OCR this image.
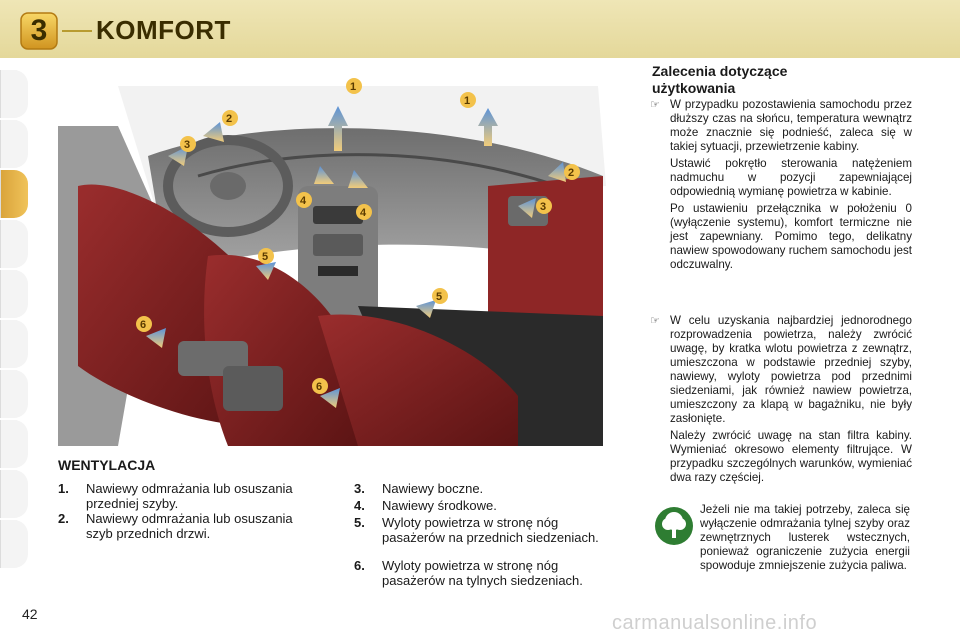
3	KOMFORT
1
1
2
2
3
3
4
4
5
5
6
6
WENTYLACJA
1.	Nawiewy odmrażania lub osuszania przedniej szyby.
2.	Nawiewy odmrażania lub osuszania szyb przednich drzwi.
3.	Nawiewy boczne.
4.	Nawiewy środkowe.
5.	Wyloty powietrza w stronę nóg pasażerów na przednich siedzeniach.
6.	Wyloty powietrza w stronę nóg pasażerów na tylnych siedzeniach.
42
Zalecenia dotyczące użytkowania
☞ W przypadku pozostawienia samochodu przez dłuższy czas na słońcu, temperatura wewnątrz może znacznie się podnieść, zaleca się w takiej sytuacji, przewietrzenie kabiny.

Ustawić pokrętło sterowania natężeniem nadmuchu w pozycji zapewniającej odpowiednią wymianę powietrza w kabinie.

Po ustawieniu przełącznika w położeniu 0 (wyłączenie systemu), komfort termiczne nie jest zapewniany. Pomimo tego, delikatny nawiew spowodowany ruchem samochodu jest odczuwalny.

☞ W celu uzyskania najbardziej jednorodnego rozprowadzenia powietrza, należy zwrócić uwagę, by kratka wlotu powietrza z zewnątrz, umieszczona w podstawie przedniej szyby, nawiewy, wyloty powietrza pod przednimi siedzeniami, jak również nawiew powietrza, umieszczony za klapą w bagażniku, nie były zasłonięte.

Należy zwrócić uwagę na stan filtra kabiny. Wymieniać okresowo elementy filtrujące. W przypadku szczególnych warunków, wymieniać dwa razy częściej.

Jeżeli nie ma takiej potrzeby, zaleca się wyłączenie odmrażania tylnej szyby oraz zewnętrznych lusterek wstecznych, ponieważ ograniczenie zużycia energii spowoduje zmniejszenie zużycia paliwa.
carmanualsonline.info
